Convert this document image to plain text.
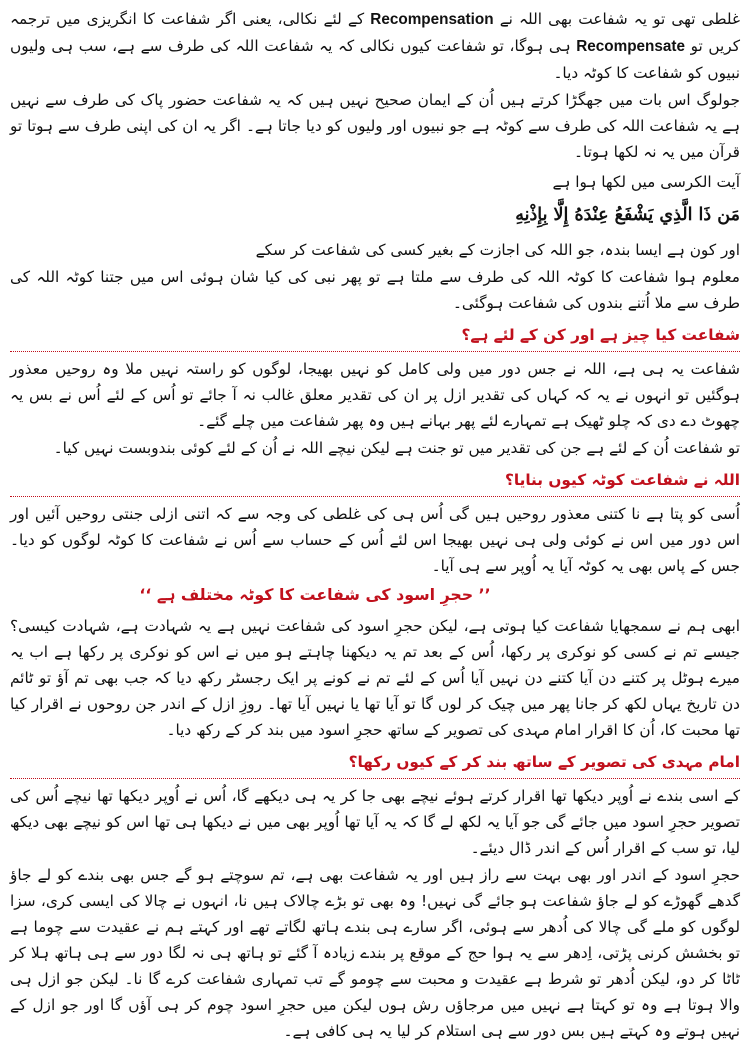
غلطی تھی تو یہ شفاعت بھی اللہ نے Recompensation کے لئے نکالی، یعنی اگر شفاعت کا انگریزی میں ترجمہ کریں تو Recompensate ہی ہوگا، تو شفاعت کیوں نکالی کہ یہ شفاعت اللہ کی طرف سے ہے، سب ہی ولیوں نبیوں کو شفاعت کا کوٹہ دیا۔

جولوگ اس بات میں جھگڑا کرتے ہیں اُن کے ایمان صحیح نہیں ہیں کہ یہ شفاعت حضور پاک کی طرف سے نہیں ہے یہ شفاعت اللہ کی طرف سے کوٹہ ہے جو نبیوں اور ولیوں کو دیا جاتا ہے۔ اگر یہ ان کی اپنی طرف سے ہوتا تو قرآن میں یہ نہ لکھا ہوتا۔

آیت الکرسی میں لکھا ہوا ہے

مَن ذَا الَّذِي يَشْفَعُ عِنْدَهُ إِلَّا بِإِذْنِهِ

اور کون ہے ایسا بندہ، جو اللہ کی اجازت کے بغیر کسی کی شفاعت کر سکے

معلوم ہوا شفاعت کا کوٹہ اللہ کی طرف سے ملتا ہے تو پھر نبی کی کیا شان ہوئی اس میں جتنا کوٹہ اللہ کی طرف سے ملا اُتنے بندوں کی شفاعت ہوگئی۔

شفاعت کیا چیز ہے اور کن کے لئے ہے؟

شفاعت یہ ہی ہے، اللہ نے جس دور میں ولی کامل کو نہیں بھیجا، لوگوں کو راستہ نہیں ملا وہ روحیں معذور ہوگئیں تو انہوں نے یہ کہ کہاں کی تقدیر ازل پر ان کی تقدیر معلق غالب نہ آ جائے تو اُس کے لئے اُس نے بس یہ چھوٹ دے دی کہ چلو ٹھیک ہے تمہارے لئے پھر بہانے ہیں وہ پھر شفاعت میں چلے گئے۔

تو شفاعت اُن کے لئے ہے جن کی تقدیر میں تو جنت ہے لیکن نیچے اللہ نے اُن کے لئے کوئی بندوبست نہیں کیا۔

اللہ نے شفاعت کوٹہ کیوں بنایا؟

اُسی کو پتا ہے نا کتنی معذور روحیں ہیں گی اُس ہی کی غلطی کی وجہ سے کہ اتنی ازلی جنتی روحیں آئیں اور اس دور میں اس نے کوئی ولی ہی نہیں بھیجا اس لئے اُس کے حساب سے اُس نے شفاعت کا کوٹہ لوگوں کو دیا۔ جس کے پاس بھی یہ کوٹہ آیا یہ اُوپر سے ہی آیا۔

’’ حجرِ اسود کی شفاعت کا کوٹہ مختلف ہے ‘‘

ابھی ہم نے سمجھایا شفاعت کیا ہوتی ہے، لیکن حجرِ اسود کی شفاعت نہیں ہے یہ شہادت ہے، شہادت کیسی؟ جیسے تم نے کسی کو نوکری پر رکھا، اُس کے بعد تم یہ دیکھنا چاہتے ہو میں نے اس کو نوکری پر رکھا ہے اب یہ میرے ہوٹل پر کتنے دن آیا کتنے دن نہیں آیا اُس کے لئے تم نے کونے پر ایک رجسٹر رکھ دیا کہ جب بھی تم آؤ تو ٹائم دن تاریخ یہاں لکھ کر جانا پھر میں چیک کر لوں گا تو آیا تھا یا نہیں آیا تھا۔ روزِ ازل کے اندر جن روحوں نے اقرار کیا تھا محبت کا، اُن کا اقرار امام مہدی کی تصویر کے ساتھ حجرِ اسود میں بند کر کے رکھ دیا۔

امام مہدی کی تصویر کے ساتھ بند کر کے کیوں رکھا؟

کے اسی بندے نے اُوپر دیکھا تھا اقرار کرتے ہوئے نیچے بھی جا کر یہ ہی دیکھے گا، اُس نے اُوپر دیکھا تھا نیچے اُس کی تصویر حجرِ اسود میں جائے گی جو آیا یہ لکھ لے گا کہ یہ آیا تھا اُوپر بھی میں نے دیکھا ہی تھا اس کو نیچے بھی دیکھ لیا، تو سب کے اقرار اُس کے اندر ڈال دیئے۔

حجرِ اسود کے اندر اور بھی بہت سے راز ہیں اور یہ شفاعت بھی ہے، تم سوچتے ہو گے جس بھی بندے کو لے جاؤ گدھے گھوڑے کو لے جاؤ شفاعت ہو جائے گی نہیں! وہ بھی تو بڑے چالاک ہیں نا، انہوں نے چالا کی ایسی کری، سزا لوگوں کو ملے گی چالا کی اُدھر سے ہوئی، اگر سارے ہی بندے ہاتھ لگاتے تھے اور کہتے ہم نے عقیدت سے چوما ہے تو بخشش کرنی پڑتی، اِدھر سے یہ ہوا حج کے موقع پر بندے زیادہ آ گئے تو ہاتھ ہی نہ لگا دور سے ہی ہاتھ ہلا کر ٹاٹا کر دو، لیکن اُدھر تو شرط ہے عقیدت و محبت سے چومو گے تب تمہاری شفاعت کرے گا نا۔ لیکن جو ازل ہی والا ہوتا ہے وہ تو کہتا ہے نہیں میں مرجاؤں رش ہوں لیکن میں حجرِ اسود چوم کر ہی آؤں گا اور جو ازل کے نہیں ہوتے وہ کہتے ہیں بس دور سے ہی استلام کر لیا یہ ہی کافی ہے۔
